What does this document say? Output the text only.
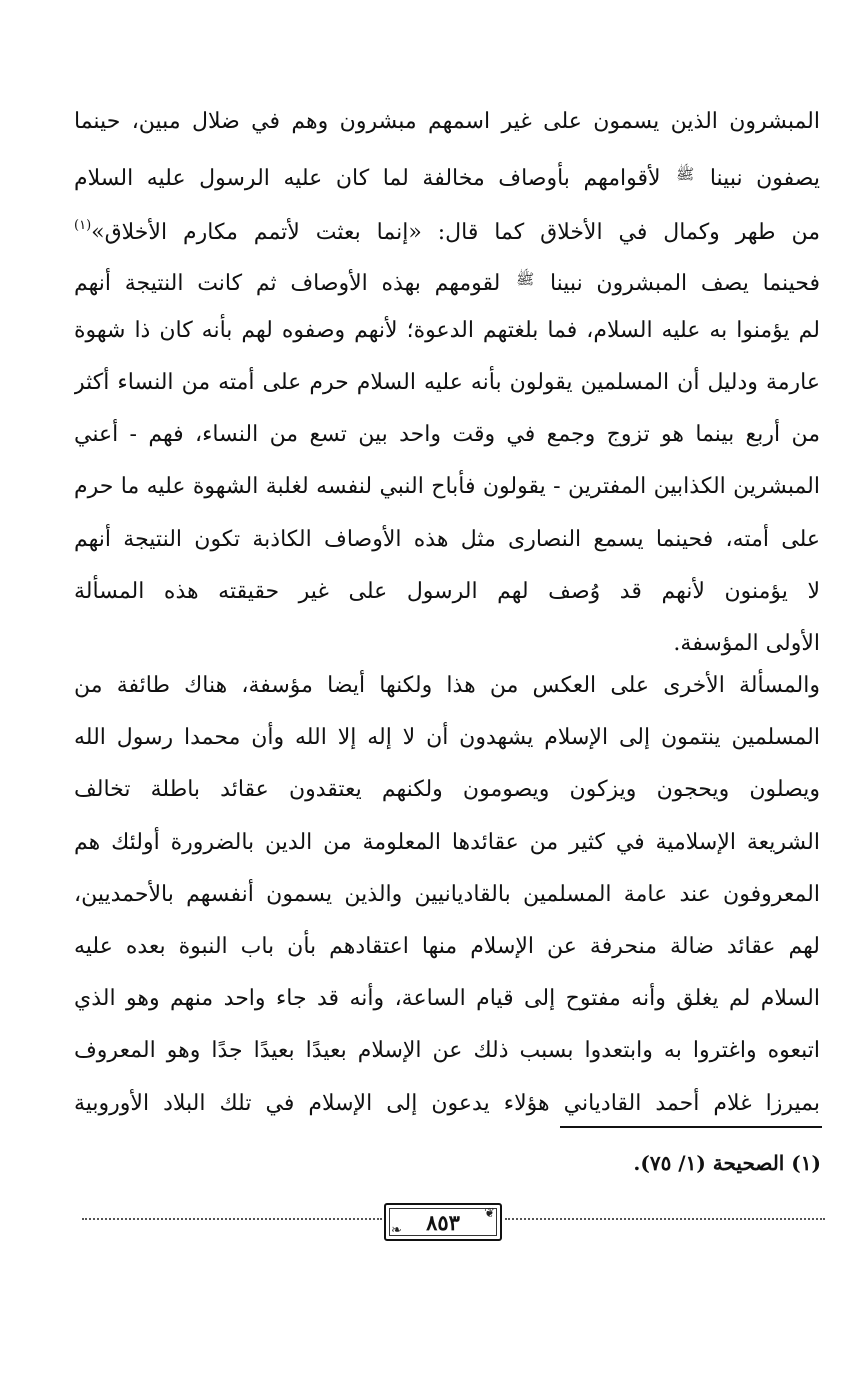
المبشرون الذين يسمون على غير اسمهم مبشرون وهم في ضلال مبين، حينما
يصفون نبينا ﷺ لأقوامهم بأوصاف مخالفة لما كان عليه الرسول عليه السلام
من طهر وكمال في الأخلاق كما قال: «إنما بعثت لأتمم مكارم الأخلاق»$^{(١)}$
فحينما يصف المبشرون نبينا ﷺ لقومهم بهذه الأوصاف ثم كانت النتيجة أنهم
لم يؤمنوا به عليه السلام، فما بلغتهم الدعوة؛ لأنهم وصفوه لهم بأنه كان ذا شهوة
عارمة ودليل أن المسلمين يقولون بأنه عليه السلام حرم على أمته من النساء أكثر
من أربع بينما هو تزوج وجمع في وقت واحد بين تسع من النساء، فهم - أعني
المبشرين الكذابين المفترين - يقولون فأباح النبي لنفسه لغلبة الشهوة عليه ما حرم
على أمته، فحينما يسمع النصارى مثل هذه الأوصاف الكاذبة تكون النتيجة أنهم
لا يؤمنون لأنهم قد وُصف لهم الرسول على غير حقيقته هذه المسألة
الأولى المؤسفة.
والمسألة الأخرى على العكس من هذا ولكنها أيضا مؤسفة، هناك طائفة من
المسلمين ينتمون إلى الإسلام يشهدون أن لا إله إلا الله وأن محمدا رسول الله
ويصلون ويحجون ويزكون ويصومون ولكنهم يعتقدون عقائد باطلة تخالف
الشريعة الإسلامية في كثير من عقائدها المعلومة من الدين بالضرورة أولئك هم
المعروفون عند عامة المسلمين بالقاديانيين والذين يسمون أنفسهم بالأحمديين،
لهم عقائد ضالة منحرفة عن الإسلام منها اعتقادهم بأن باب النبوة بعده عليه
السلام لم يغلق وأنه مفتوح إلى قيام الساعة، وأنه قد جاء واحد منهم وهو الذي
اتبعوه واغتروا به وابتعدوا بسبب ذلك عن الإسلام بعيدًا بعيدًا جدًا وهو المعروف
بميرزا غلام أحمد القادياني هؤلاء يدعون إلى الإسلام في تلك البلاد الأوروبية
(١) الصحيحة (١/ ٧٥).
❦
❧	٨٥٣
